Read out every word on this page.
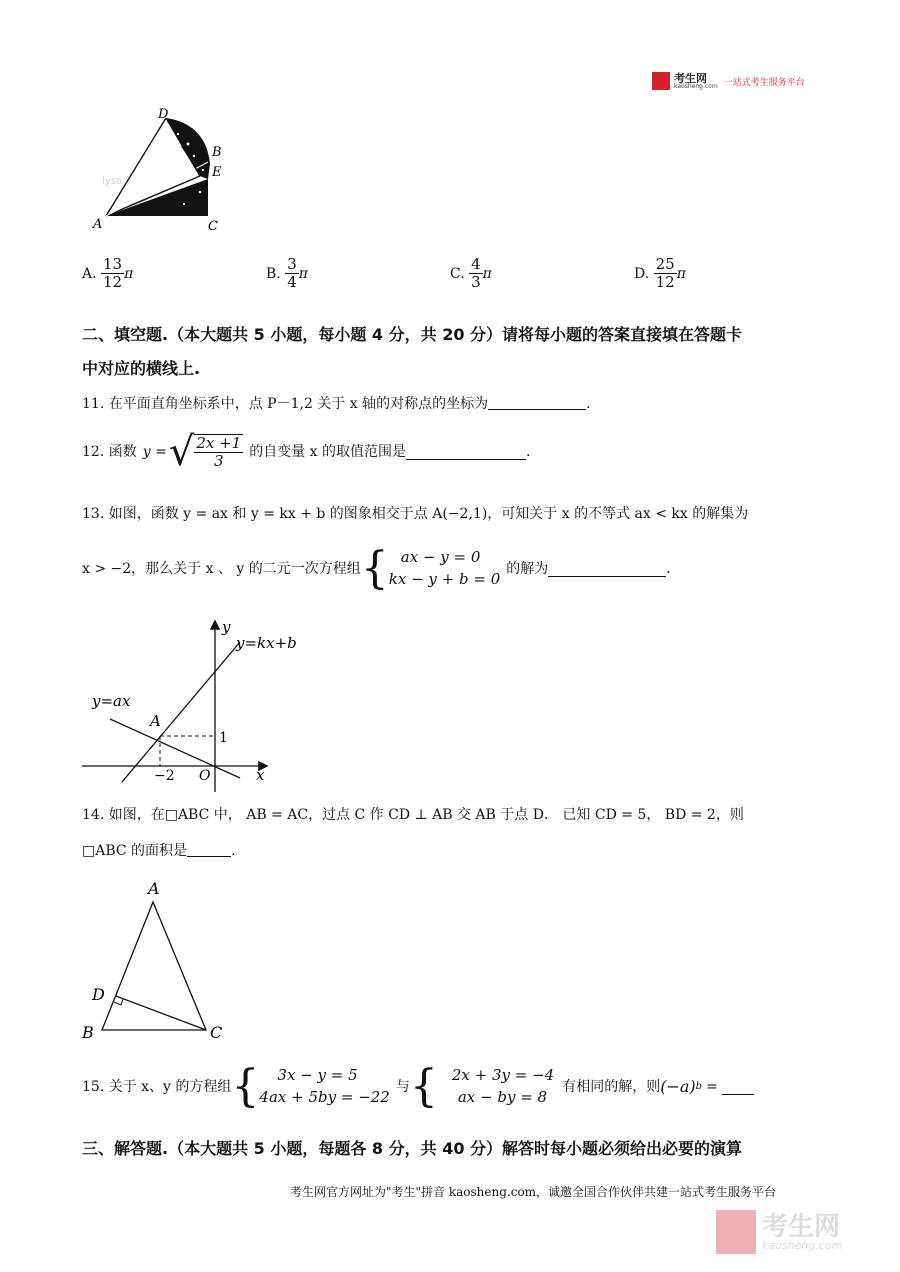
考生网
kaosheng.com 一站式考生服务平台
D
B
E
A	C
lyso
A. $\frac{13}{12}$ π	B. $\frac{3}{4}$ π	C. $\frac{4}{3}$ π	D. $\frac{25}{12}$ π
二、填空题.（本大题共 5 小题，每小题 4 分，共 20 分）请将每小题的答案直接填在答题卡
中对应的横线上.
11. 在平面直角坐标系中，点 P－1,2 关于 x 轴的对称点的坐标为	.
12. 函数 y = √ $\frac{2x +1}{3}$ 的自变量 x 的取值范围是	.
13. 如图，函数 y = ax 和 y = kx + b 的图象相交于点 A(−2,1)，可知关于 x 的不等式 ax < kx 的解集为
x > −2，那么关于 x 、 y 的二元一次方程组 { ax − y = 0
kx − y + b = 0
的解为	.
y
x
y=kx+b
y=ax
A
1
−2 O
14. 如图，在□ABC 中， AB = AC，过点 C 作 CD ⊥ AB 交 AB 于点 D． 已知 CD = 5， BD = 2，则
□ABC 的面积是	.
A
D
B	C
15. 关于 x、y 的方程组 {	3x − y = 5
4ax + 5by = −22
与 { 2x + 3y = −4
ax − by = 8
有相同的解，则 (−a) b =
三、解答题.（本大题共 5 小题，每题各 8 分，共 40 分）解答时每小题必须给出必要的演算
考生网官方网址为"考生"拼音 kaosheng.com，诚邀全国合作伙伴共建一站式考生服务平台
考生网
kaosheng.com
